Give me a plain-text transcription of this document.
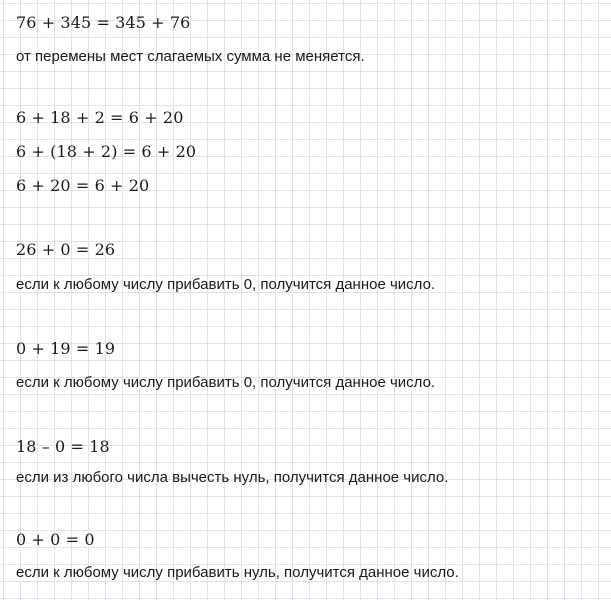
76 + 345 = 345 + 76
от перемены мест слагаемых сумма не меняется.
6 + 18 + 2 = 6 + 20
6 + (18 + 2) = 6 + 20
6 + 20 = 6 + 20
26 + 0 = 26
если к любому числу прибавить 0, получится данное число.
0 + 19 = 19
если к любому числу прибавить 0, получится данное число.
18 – 0 = 18
если из любого числа вычесть нуль, получится данное число.
0 + 0 = 0
если к любому числу прибавить нуль, получится данное число.
